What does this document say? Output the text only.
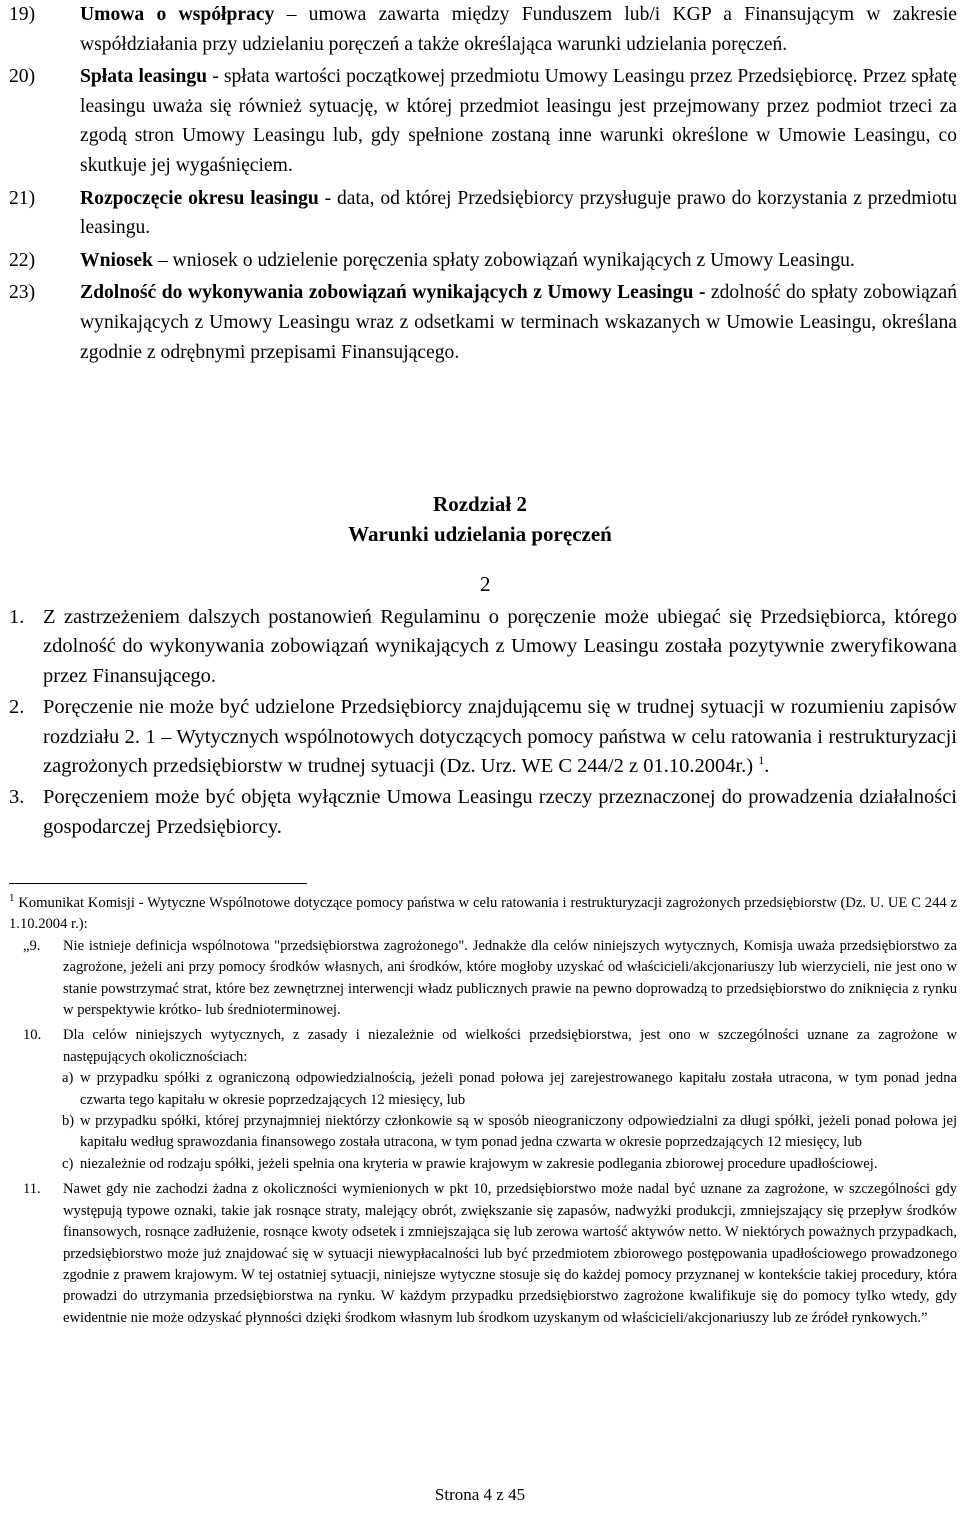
19) Umowa o współpracy – umowa zawarta między Funduszem lub/i KGP a Finansującym w zakresie współdziałania przy udzielaniu poręczeń a także określająca warunki udzielania poręczeń.
20) Spłata leasingu - spłata wartości początkowej przedmiotu Umowy Leasingu przez Przedsiębiorcę. Przez spłatę leasingu uważa się również sytuację, w której przedmiot leasingu jest przejmowany przez podmiot trzeci za zgodą stron Umowy Leasingu lub, gdy spełnione zostaną inne warunki określone w Umowie Leasingu, co skutkuje jej wygaśnięciem.
21) Rozpoczęcie okresu leasingu - data, od której Przedsiębiorcy przysługuje prawo do korzystania z przedmiotu leasingu.
22) Wniosek – wniosek o udzielenie poręczenia spłaty zobowiązań wynikających z Umowy Leasingu.
23) Zdolność do wykonywania zobowiązań wynikających z Umowy Leasingu - zdolność do spłaty zobowiązań wynikających z Umowy Leasingu wraz z odsetkami w terminach wskazanych w Umowie Leasingu, określana zgodnie z odrębnymi przepisami Finansującego.
Rozdział 2
Warunki udzielania poręczeń
2
1. Z zastrzeżeniem dalszych postanowień Regulaminu o poręczenie może ubiegać się Przedsiębiorca, którego zdolność do wykonywania zobowiązań wynikających z Umowy Leasingu została pozytywnie zweryfikowana przez Finansującego.
2. Poręczenie nie może być udzielone Przedsiębiorcy znajdującemu się w trudnej sytuacji w rozumieniu zapisów rozdziału 2. 1 – Wytycznych wspólnotowych dotyczących pomocy państwa w celu ratowania i restrukturyzacji zagrożonych przedsiębiorstw w trudnej sytuacji (Dz. Urz. WE C 244/2 z 01.10.2004r.) $^1$.
3. Poręczeniem może być objęta wyłącznie Umowa Leasingu rzeczy przeznaczonej do prowadzenia działalności gospodarczej Przedsiębiorcy.
$^1$ Komunikat Komisji - Wytyczne Wspólnotowe dotyczące pomocy państwa w celu ratowania i restrukturyzacji zagrożonych przedsiębiorstw (Dz. U. UE C 244 z 1.10.2004 r.):
„9. Nie istnieje definicja wspólnotowa "przedsiębiorstwa zagrożonego". Jednakże dla celów niniejszych wytycznych, Komisja uważa przedsiębiorstwo za zagrożone, jeżeli ani przy pomocy środków własnych, ani środków, które mogłoby uzyskać od właścicieli/akcjonariuszy lub wierzycieli, nie jest ono w stanie powstrzymać strat, które bez zewnętrznej interwencji władz publicznych prawie na pewno doprowadzą to przedsiębiorstwo do zniknięcia z rynku w perspektywie krótko- lub średnioterminowej.
10. Dla celów niniejszych wytycznych, z zasady i niezależnie od wielkości przedsiębiorstwa, jest ono w szczególności uznane za zagrożone w następujących okolicznościach:
a) w przypadku spółki z ograniczoną odpowiedzialnością, jeżeli ponad połowa jej zarejestrowanego kapitału została utracona, w tym ponad jedna czwarta tego kapitału w okresie poprzedzających 12 miesięcy, lub
b) w przypadku spółki, której przynajmniej niektórzy członkowie są w sposób nieograniczony odpowiedzialni za długi spółki, jeżeli ponad połowa jej kapitału według sprawozdania finansowego została utracona, w tym ponad jedna czwarta w okresie poprzedzających 12 miesięcy, lub
c) niezależnie od rodzaju spółki, jeżeli spełnia ona kryteria w prawie krajowym w zakresie podlegania zbiorowej procedure upadłościowej.
11. Nawet gdy nie zachodzi żadna z okoliczności wymienionych w pkt 10, przedsiębiorstwo może nadal być uznane za zagrożone, w szczególności gdy występują typowe oznaki, takie jak rosnące straty, malejący obrót, zwiększanie się zapasów, nadwyżki produkcji, zmniejszający się przepływ środków finansowych, rosnące zadłużenie, rosnące kwoty odsetek i zmniejszająca się lub zerowa wartość aktywów netto. W niektórych poważnych przypadkach, przedsiębiorstwo może już znajdować się w sytuacji niewypłacalności lub być przedmiotem zbiorowego postępowania upadłościowego prowadzonego zgodnie z prawem krajowym. W tej ostatniej sytuacji, niniejsze wytyczne stosuje się do każdej pomocy przyznanej w kontekście takiej procedury, która prowadzi do utrzymania przedsiębiorstwa na rynku. W każdym przypadku przedsiębiorstwo zagrożone kwalifikuje się do pomocy tylko wtedy, gdy ewidentnie nie może odzyskać płynności dzięki środkom własnym lub środkom uzyskanym od właścicieli/akcjonariuszy lub ze źródeł rynkowych.”
Strona 4 z 45
